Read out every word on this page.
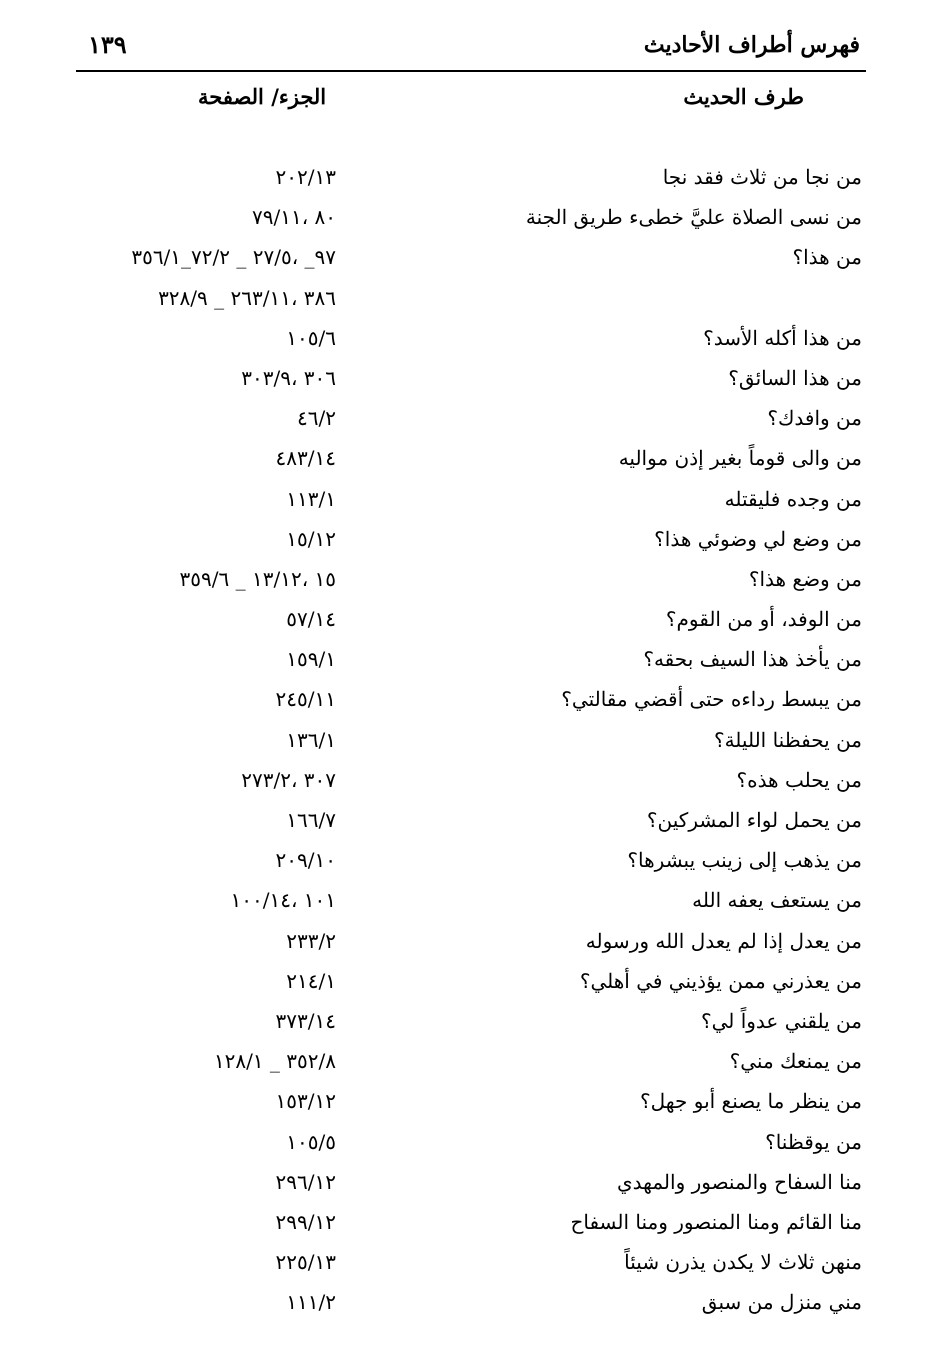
فهرس أطراف الأحاديث
١٣٩
طرف الحديث
الجزء/ الصفحة
من نجا من ثلاث فقد نجا
٢٠٢/١٣
من نسى الصلاة عليَّ خطىء طريق الجنة
٨٠ ،٧٩/١١
من هذا؟
٩٧_ ،٢٧/٥ _ ٧٢/٢_٣٥٦/١
٣٨٦ ،٢٦٣/١١ _ ٣٢٨/٩
من هذا أكله الأسد؟
١٠٥/٦
من هذا السائق؟
٣٠٦ ،٣٠٣/٩
من وافدك؟
٤٦/٢
من والى قوماً بغير إذن مواليه
٤٨٣/١٤
من وجده فليقتله
١١٣/١
من وضع لي وضوئي هذا؟
١٥/١٢
من وضع هذا؟
١٥ ،١٣/١٢ _ ٣٥٩/٦
من الوفد، أو من القوم؟
٥٧/١٤
من يأخذ هذا السيف بحقه؟
١٥٩/١
من يبسط رداءه حتى أقضي مقالتي؟
٢٤٥/١١
من يحفظنا الليلة؟
١٣٦/١
من يحلب هذه؟
٣٠٧ ،٢٧٣/٢
من يحمل لواء المشركين؟
١٦٦/٧
من يذهب إلى زينب يبشرها؟
٢٠٩/١٠
من يستعف يعفه الله
١٠١ ،١٠٠/١٤
من يعدل إذا لم يعدل الله ورسوله
٢٣٣/٢
من يعذرني ممن يؤذيني في أهلي؟
٢١٤/١
من يلقني عدواً لي؟
٣٧٣/١٤
من يمنعك مني؟
٣٥٢/٨ _ ١٢٨/١
من ينظر ما يصنع أبو جهل؟
١٥٣/١٢
من يوقظنا؟
١٠٥/٥
منا السفاح والمنصور والمهدي
٢٩٦/١٢
منا القائم ومنا المنصور ومنا السفاح
٢٩٩/١٢
منهن ثلاث لا يكدن يذرن شيئاً
٢٢٥/١٣
مني منزل من سبق
١١١/٢
